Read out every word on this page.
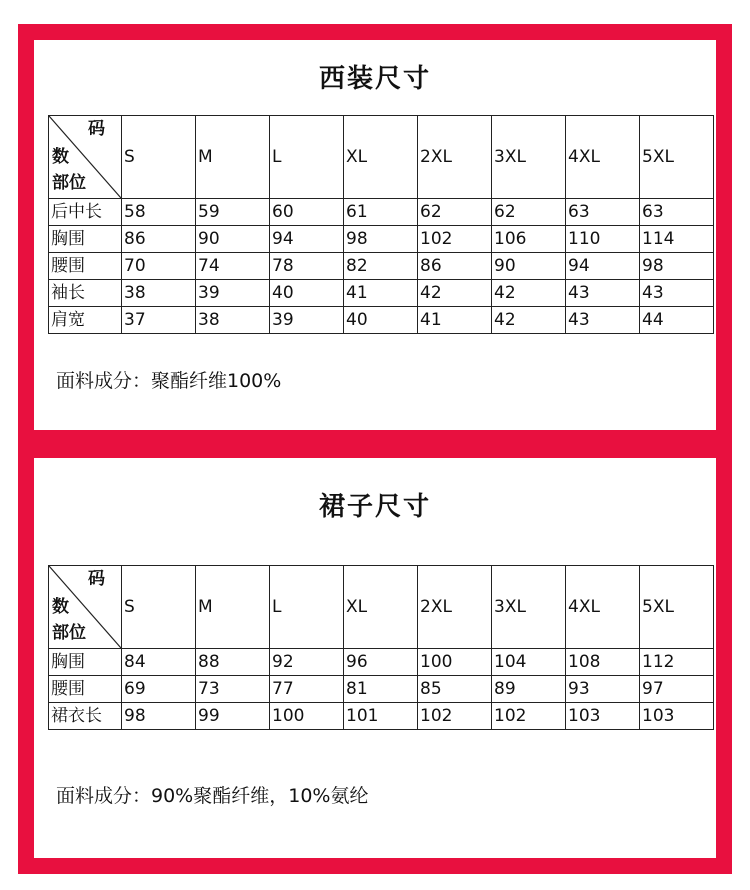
西装尺寸
码
数
部位	S	M	L	XL	2XL	3XL	4XL	5XL
后中长	58	59	60	61	62	62	63	63
胸围	86	90	94	98	102	106	110	114
腰围	70	74	78	82	86	90	94	98
袖长	38	39	40	41	42	42	43	43
肩宽	37	38	39	40	41	42	43	44
面料成分：聚酯纤维100%
裙子尺寸
码
数
部位	S	M	L	XL	2XL	3XL	4XL	5XL
胸围	84	88	92	96	100	104	108	112
腰围	69	73	77	81	85	89	93	97
裙衣长	98	99	100	101	102	102	103	103
面料成分：90%聚酯纤维，10%氨纶
